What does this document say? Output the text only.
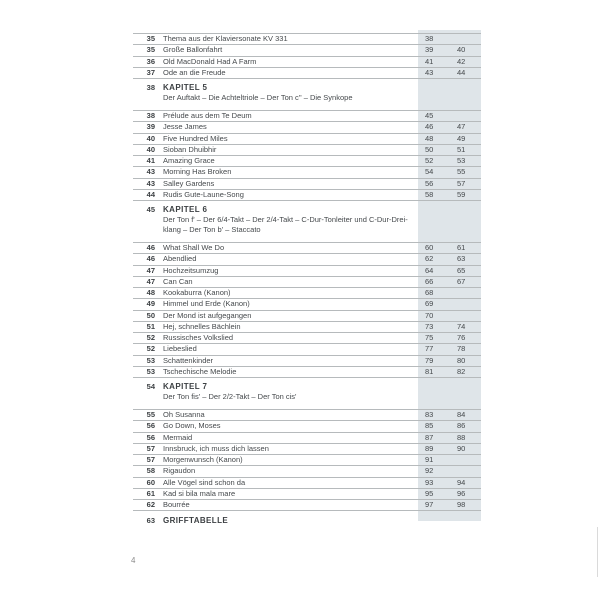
35 Thema aus der Klaviersonate KV 331	38
35 Große Ballonfahrt	39	40
36 Old MacDonald Had A Farm	41	42
37 Ode an die Freude	43	44
38 KAPITEL 5
Der Auftakt – Die Achteltriole – Der Ton c'' – Die Synkope
38 Prélude aus dem Te Deum	45
39 Jesse James	46	47
40 Five Hundred Miles	48	49
40 Sioban Dhuibhir	50	51
41 Amazing Grace	52	53
43 Morning Has Broken	54	55
43 Salley Gardens	56	57
44 Rudis Gute-Laune-Song	58	59
45 KAPITEL 6
Der Ton f' – Der 6/4-Takt – Der 2/4-Takt – C-Dur-Tonleiter und C-Dur-Drei-
klang – Der Ton b' – Staccato
46 What Shall We Do	60	61
46 Abendlied	62	63
47 Hochzeitsumzug	64	65
47 Can Can	66	67
48 Kookaburra (Kanon)	68
49 Himmel und Erde (Kanon)	69
50 Der Mond ist aufgegangen	70
51 Hej, schnelles Bächlein	73	74
52 Russisches Volkslied	75	76
52 Liebeslied	77	78
53 Schattenkinder	79	80
53 Tschechische Melodie	81	82
54 KAPITEL 7
Der Ton fis' – Der 2/2-Takt – Der Ton cis'
55 Oh Susanna	83	84
56 Go Down, Moses	85	86
56 Mermaid	87	88
57 Innsbruck, ich muss dich lassen	89	90
57 Morgenwunsch (Kanon)	91
58 Rigaudon	92
60 Alle Vögel sind schon da	93	94
61 Kad si bila mala mare	95	96
62 Bourrée	97	98
63 GRIFFTABELLE
4
